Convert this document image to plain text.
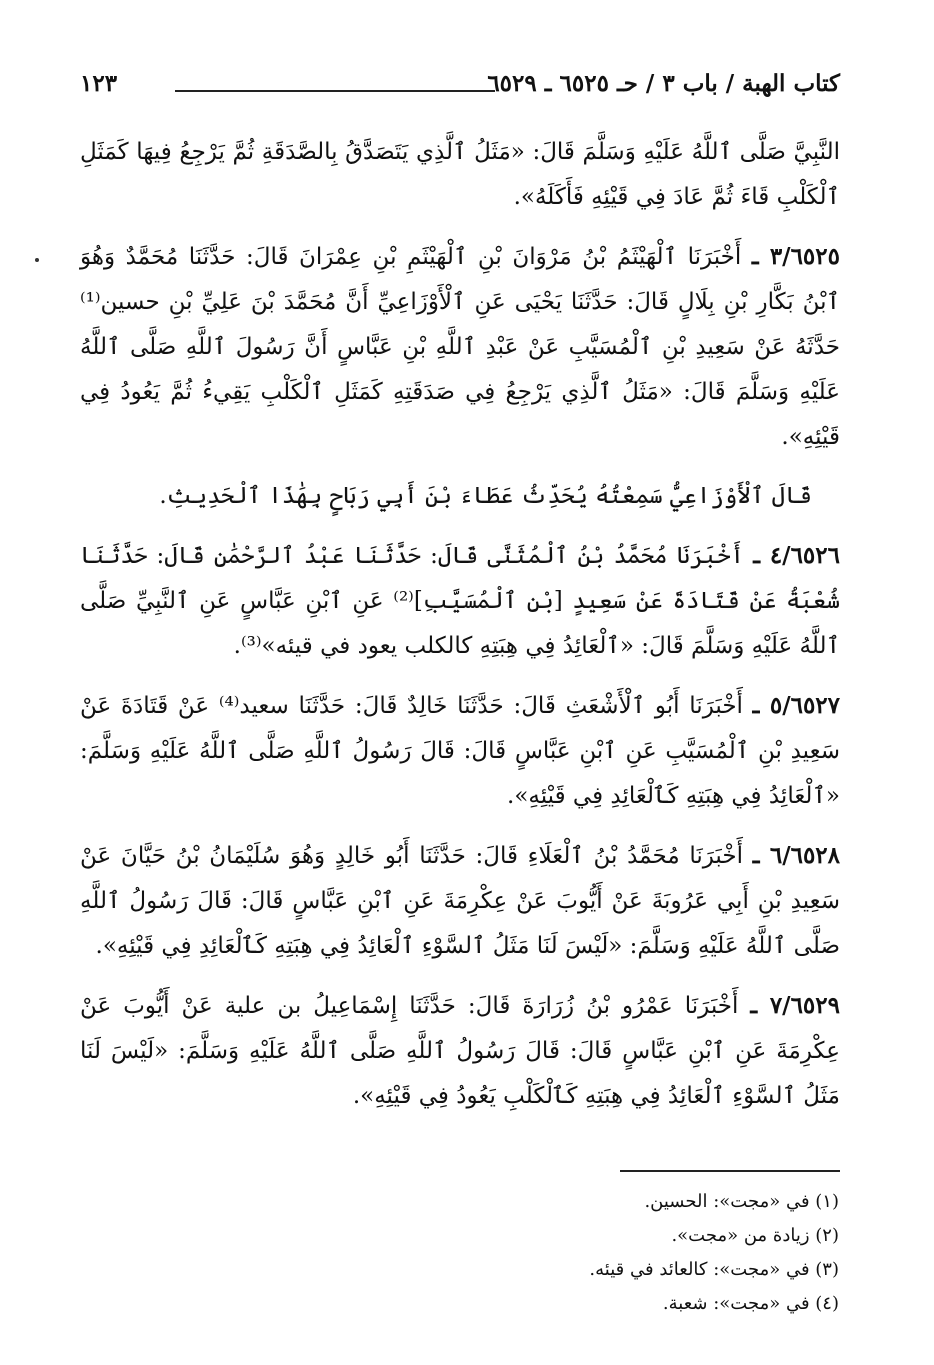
كتاب الهبة / باب ٣ / حـ ٦٥٢٥ ـ ٦٥٢٩
١٢٣

النَّبِيَّ صَلَّى ٱللَّهُ عَلَيْهِ وَسَلَّمَ قَالَ: «مَثَلُ ٱلَّذِي يَتَصَدَّقُ بِالصَّدَقَةِ ثُمَّ يَرْجِعُ فِيهَا كَمَثَلِ ٱلْكَلْبِ قَاءَ ثُمَّ عَادَ فِي قَيْئِهِ فَأَكَلَهُ».

٣/٦٥٢٥ ـ أَخْبَرَنَا ٱلْهَيْثَمُ بْنُ مَرْوَانَ بْنِ ٱلْهَيْثَمِ بْنِ عِمْرَانَ قَالَ: حَدَّثَنَا مُحَمَّدٌ وَهُوَ ٱبْنُ بَكَّارِ بْنِ بِلَالٍ قَالَ: حَدَّثَنَا يَحْيَى عَنِ ٱلْأَوْزَاعِيِّ أَنَّ مُحَمَّدَ بْنَ عَلِيِّ بْنِ حسين⁽¹⁾ حَدَّثَهُ عَنْ سَعِيدِ بْنِ ٱلْمُسَيَّبِ عَنْ عَبْدِ ٱللَّهِ بْنِ عَبَّاسٍ أَنَّ رَسُولَ ٱللَّهِ صَلَّى ٱللَّهُ عَلَيْهِ وَسَلَّمَ قَالَ: «مَثَلُ ٱلَّذِي يَرْجِعُ فِي صَدَقَتِهِ كَمَثَلِ ٱلْكَلْبِ يَقِيءُ ثُمَّ يَعُودُ فِي قَيْئِهِ».

قَالَ ٱلْأَوْزَاعِيُّ سَمِعْتُهُ يُحَدِّثُ عَطَاءَ بْنَ أَبِي رَبَاحٍ بِهَٰذَا ٱلْحَدِيثِ.

٤/٦٥٢٦ ـ أَخْبَرَنَا مُحَمَّدُ بْنُ ٱلْمُثَنَّى قَالَ: حَدَّثَنَا عَبْدُ ٱلرَّحْمَٰنِ قَالَ: حَدَّثَنَا شُعْبَةُ عَنْ قَتَادَةَ عَنْ سَعِيدٍ [بْنِ ٱلْمُسَيَّبِ]⁽²⁾ عَنِ ٱبْنِ عَبَّاسٍ عَنِ ٱلنَّبِيِّ صَلَّى ٱللَّهُ عَلَيْهِ وَسَلَّمَ قَالَ: «ٱلْعَائِدُ فِي هِبَتِهِ كالكلب يعود في قيئه»⁽³⁾.

٥/٦٥٢٧ ـ أَخْبَرَنَا أَبُو ٱلْأَشْعَثِ قَالَ: حَدَّثَنَا خَالِدٌ قَالَ: حَدَّثَنَا سعيد⁽⁴⁾ عَنْ قَتَادَةَ عَنْ سَعِيدِ بْنِ ٱلْمُسَيَّبِ عَنِ ٱبْنِ عَبَّاسٍ قَالَ: قَالَ رَسُولُ ٱللَّهِ صَلَّى ٱللَّهُ عَلَيْهِ وَسَلَّمَ: «ٱلْعَائِدُ فِي هِبَتِهِ كَٱلْعَائِدِ فِي قَيْئِهِ».

٦/٦٥٢٨ ـ أَخْبَرَنَا مُحَمَّدُ بْنُ ٱلْعَلَاءِ قَالَ: حَدَّثَنَا أَبُو خَالِدٍ وَهُوَ سُلَيْمَانُ بْنُ حَيَّانَ عَنْ سَعِيدِ بْنِ أَبِي عَرُوبَةَ عَنْ أَيُّوبَ عَنْ عِكْرِمَةَ عَنِ ٱبْنِ عَبَّاسٍ قَالَ: قَالَ رَسُولُ ٱللَّهِ صَلَّى ٱللَّهُ عَلَيْهِ وَسَلَّمَ: «لَيْسَ لَنَا مَثَلُ ٱلسَّوْءِ ٱلْعَائِدُ فِي هِبَتِهِ كَٱلْعَائِدِ فِي قَيْئِهِ».

٧/٦٥٢٩ ـ أَخْبَرَنَا عَمْرُو بْنُ زُرَارَةَ قَالَ: حَدَّثَنَا إِسْمَاعِيلُ بن علية عَنْ أَيُّوبَ عَنْ عِكْرِمَةَ عَنِ ٱبْنِ عَبَّاسٍ قَالَ: قَالَ رَسُولُ ٱللَّهِ صَلَّى ٱللَّهُ عَلَيْهِ وَسَلَّمَ: «لَيْسَ لَنَا مَثَلُ ٱلسَّوْءِ ٱلْعَائِدُ فِي هِبَتِهِ كَٱلْكَلْبِ يَعُودُ فِي قَيْئِهِ».

(١) في «مجت»: الحسين.

(٢) زيادة من «مجت».

(٣) في «مجت»: كالعائد في قيئه.

(٤) في «مجت»: شعبة.
